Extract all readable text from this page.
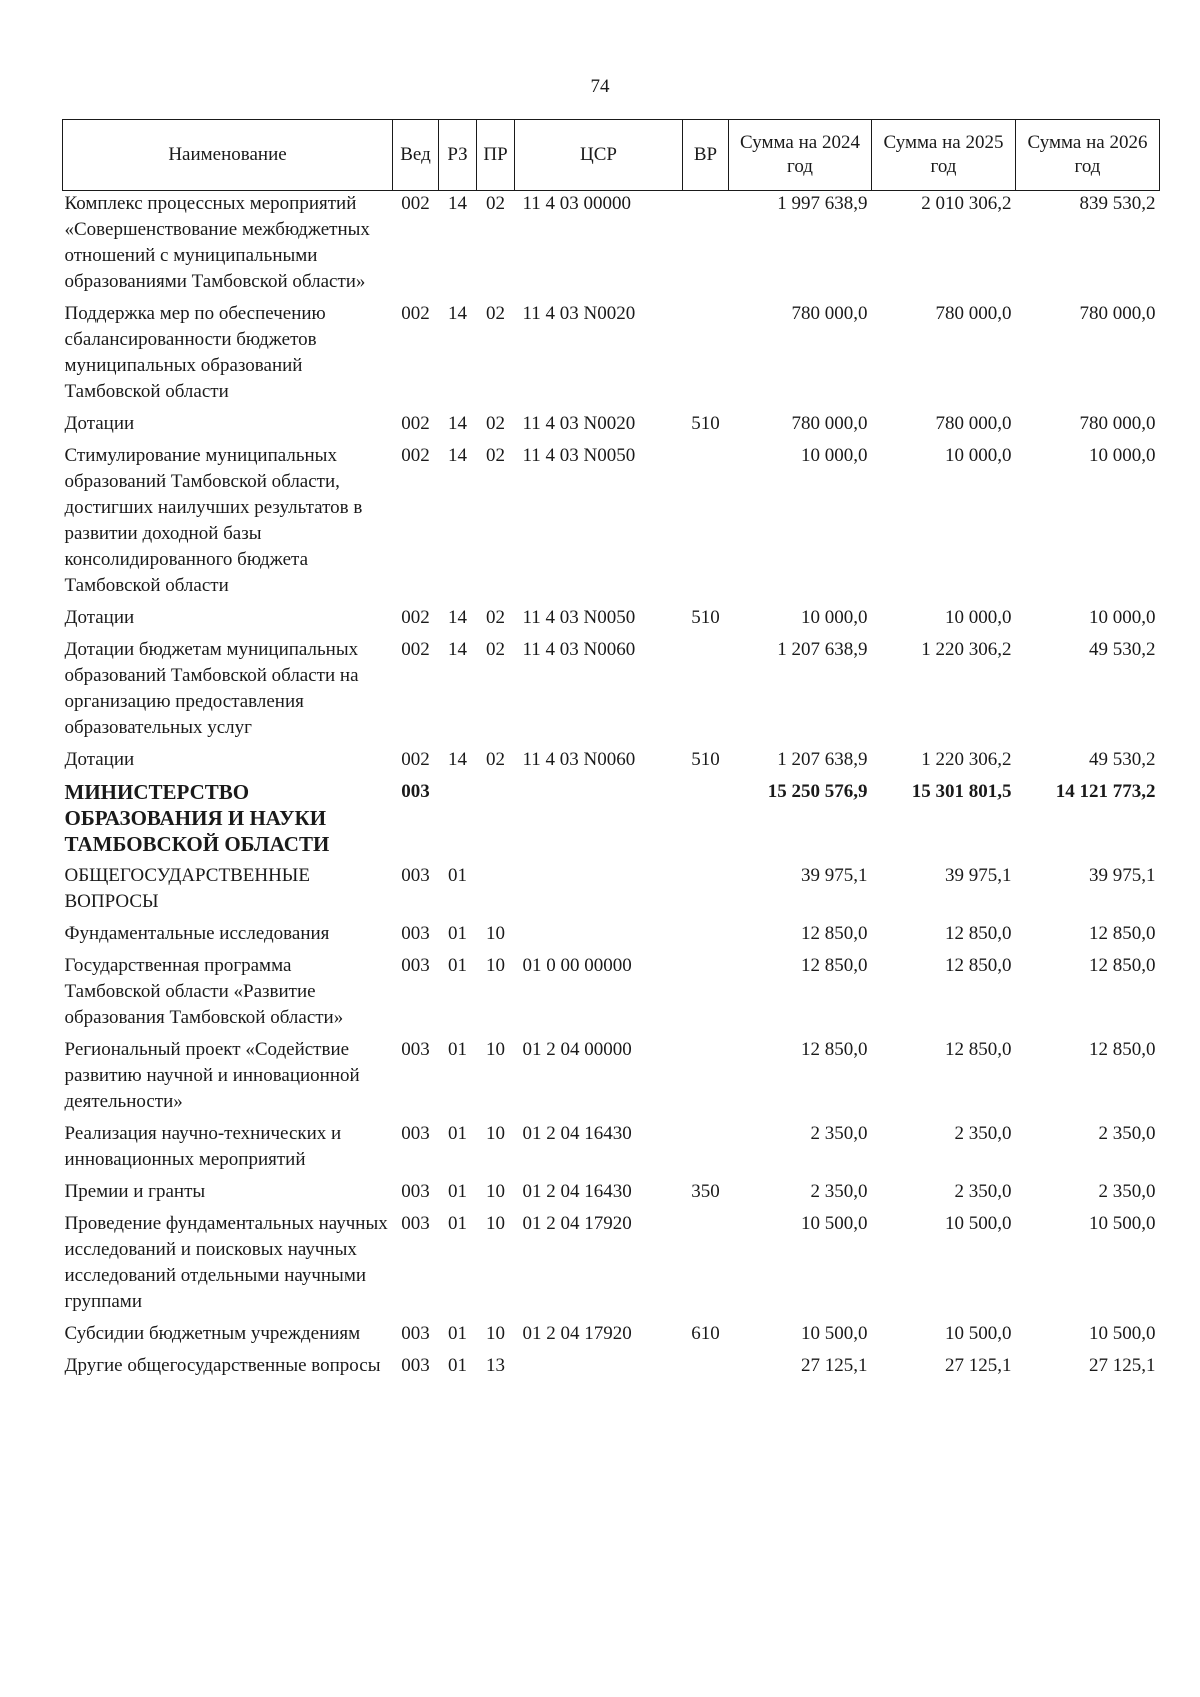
74
Наименование	Вед	РЗ	ПР	ЦСР	ВР	Сумма на 2024 год	Сумма на 2025 год	Сумма на 2026 год
Комплекс процессных мероприятий «Совершенствование межбюджетных отношений с муниципальными образованиями Тамбовской области»	002	14	02	11 4 03 00000		1 997 638,9	2 010 306,2	839 530,2
Поддержка мер по обеспечению сбалансированности бюджетов муниципальных образований Тамбовской области	002	14	02	11 4 03 N0020		780 000,0	780 000,0	780 000,0
Дотации	002	14	02	11 4 03 N0020	510	780 000,0	780 000,0	780 000,0
Стимулирование муниципальных образований Тамбовской области, достигших наилучших результатов в развитии доходной базы консолидированного бюджета Тамбовской области	002	14	02	11 4 03 N0050		10 000,0	10 000,0	10 000,0
Дотации	002	14	02	11 4 03 N0050	510	10 000,0	10 000,0	10 000,0
Дотации бюджетам муниципальных образований Тамбовской области на организацию предоставления образовательных услуг	002	14	02	11 4 03 N0060		1 207 638,9	1 220 306,2	49 530,2
Дотации	002	14	02	11 4 03 N0060	510	1 207 638,9	1 220 306,2	49 530,2
МИНИСТЕРСТВО ОБРАЗОВАНИЯ И НАУКИ ТАМБОВСКОЙ ОБЛАСТИ	003					15 250 576,9	15 301 801,5	14 121 773,2
ОБЩЕГОСУДАРСТВЕННЫЕ ВОПРОСЫ	003	01				39 975,1	39 975,1	39 975,1
Фундаментальные исследования	003	01	10			12 850,0	12 850,0	12 850,0
Государственная программа Тамбовской области «Развитие образования Тамбовской области»	003	01	10	01 0 00 00000		12 850,0	12 850,0	12 850,0
Региональный проект «Содействие развитию научной и инновационной деятельности»	003	01	10	01 2 04 00000		12 850,0	12 850,0	12 850,0
Реализация научно-технических и инновационных мероприятий	003	01	10	01 2 04 16430		2 350,0	2 350,0	2 350,0
Премии и гранты	003	01	10	01 2 04 16430	350	2 350,0	2 350,0	2 350,0
Проведение фундаментальных научных исследований и поисковых научных исследований отдельными научными группами	003	01	10	01 2 04 17920		10 500,0	10 500,0	10 500,0
Субсидии бюджетным учреждениям	003	01	10	01 2 04 17920	610	10 500,0	10 500,0	10 500,0
Другие общегосударственные вопросы	003	01	13			27 125,1	27 125,1	27 125,1
